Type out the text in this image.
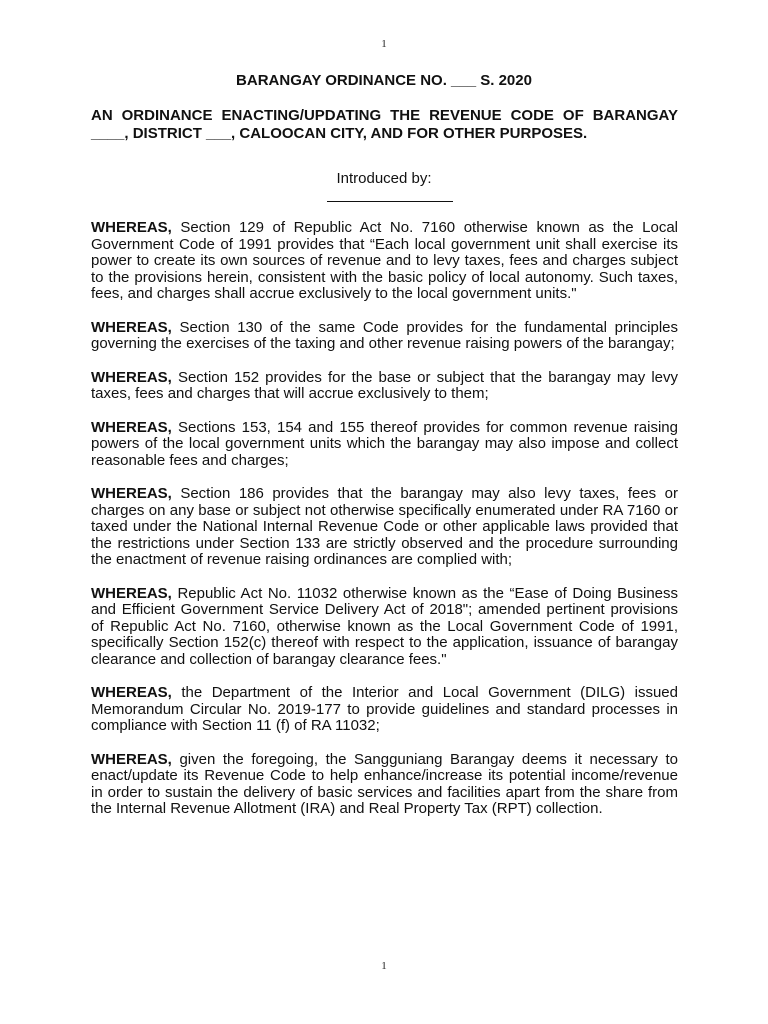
1
BARANGAY ORDINANCE NO. ___ S. 2020
AN ORDINANCE ENACTING/UPDATING THE REVENUE CODE OF BARANGAY ____, DISTRICT ___, CALOOCAN CITY, AND FOR OTHER PURPOSES.
Introduced by:

WHEREAS, Section 129 of Republic Act No. 7160 otherwise known as the Local Government Code of 1991 provides that “Each local government unit shall exercise its power to create its own sources of revenue and to levy taxes, fees and charges subject to the provisions herein, consistent with the basic policy of local autonomy. Such taxes, fees, and charges shall accrue exclusively to the local government units."

WHEREAS, Section 130 of the same Code provides for the fundamental principles governing the exercises of the taxing and other revenue raising powers of the barangay;

WHEREAS, Section 152 provides for the base or subject that the barangay may levy taxes, fees and charges that will accrue exclusively to them;

WHEREAS, Sections 153, 154 and 155 thereof provides for common revenue raising powers of the local government units which the barangay may also impose and collect reasonable fees and charges;

WHEREAS, Section 186 provides that the barangay may also levy taxes, fees or charges on any base or subject not otherwise specifically enumerated under RA 7160 or taxed under the National Internal Revenue Code or other applicable laws provided that the restrictions under Section 133 are strictly observed and the procedure surrounding the enactment of revenue raising ordinances are complied with;

WHEREAS, Republic Act No. 11032 otherwise known as the “Ease of Doing Business and Efficient Government Service Delivery Act of 2018"; amended pertinent provisions of Republic Act No. 7160, otherwise known as the Local Government Code of 1991, specifically Section 152(c) thereof with respect to the application, issuance of barangay clearance and collection of barangay clearance fees."

WHEREAS, the Department of the Interior and Local Government (DILG) issued Memorandum Circular No. 2019-177 to provide guidelines and standard processes in compliance with Section 11 (f) of RA 11032;

WHEREAS, given the foregoing, the Sangguniang Barangay deems it necessary to enact/update its Revenue Code to help enhance/increase its potential income/revenue in order to sustain the delivery of basic services and facilities apart from the share from the Internal Revenue Allotment (IRA) and Real Property Tax (RPT) collection.

1
